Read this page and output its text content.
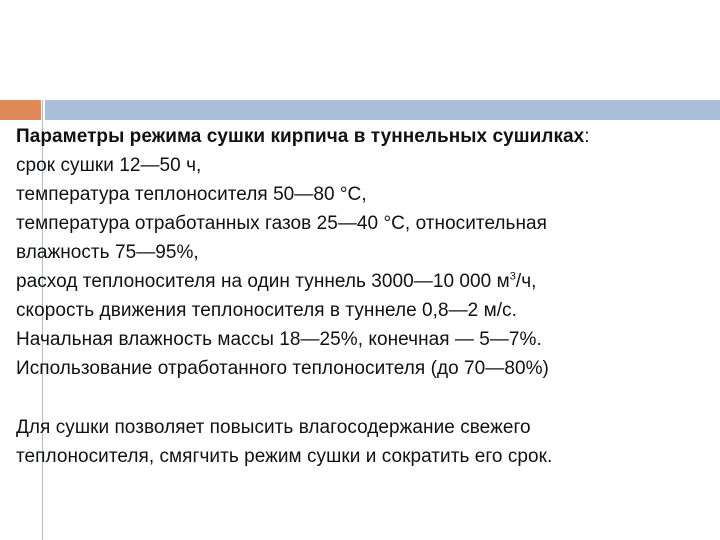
Параметры режима сушки кирпича в туннельных сушилках:
срок сушки 12—50 ч,
температура теплоносителя 50—80 °С,
температура отработанных газов 25—40 °С, относительная
влажность 75—95%,
расход теплоносителя на один туннель 3000—10 000 $м^3/ч$,
скорость движения теплоносителя в туннеле 0,8—2 м/с.
Начальная влажность массы 18—25%, конечная — 5—7%.
Использование отработанного теплоносителя (до 70—80%)
Для сушки позволяет повысить влагосодержание свежего
теплоносителя, смягчить режим сушки и сократить его срок.
